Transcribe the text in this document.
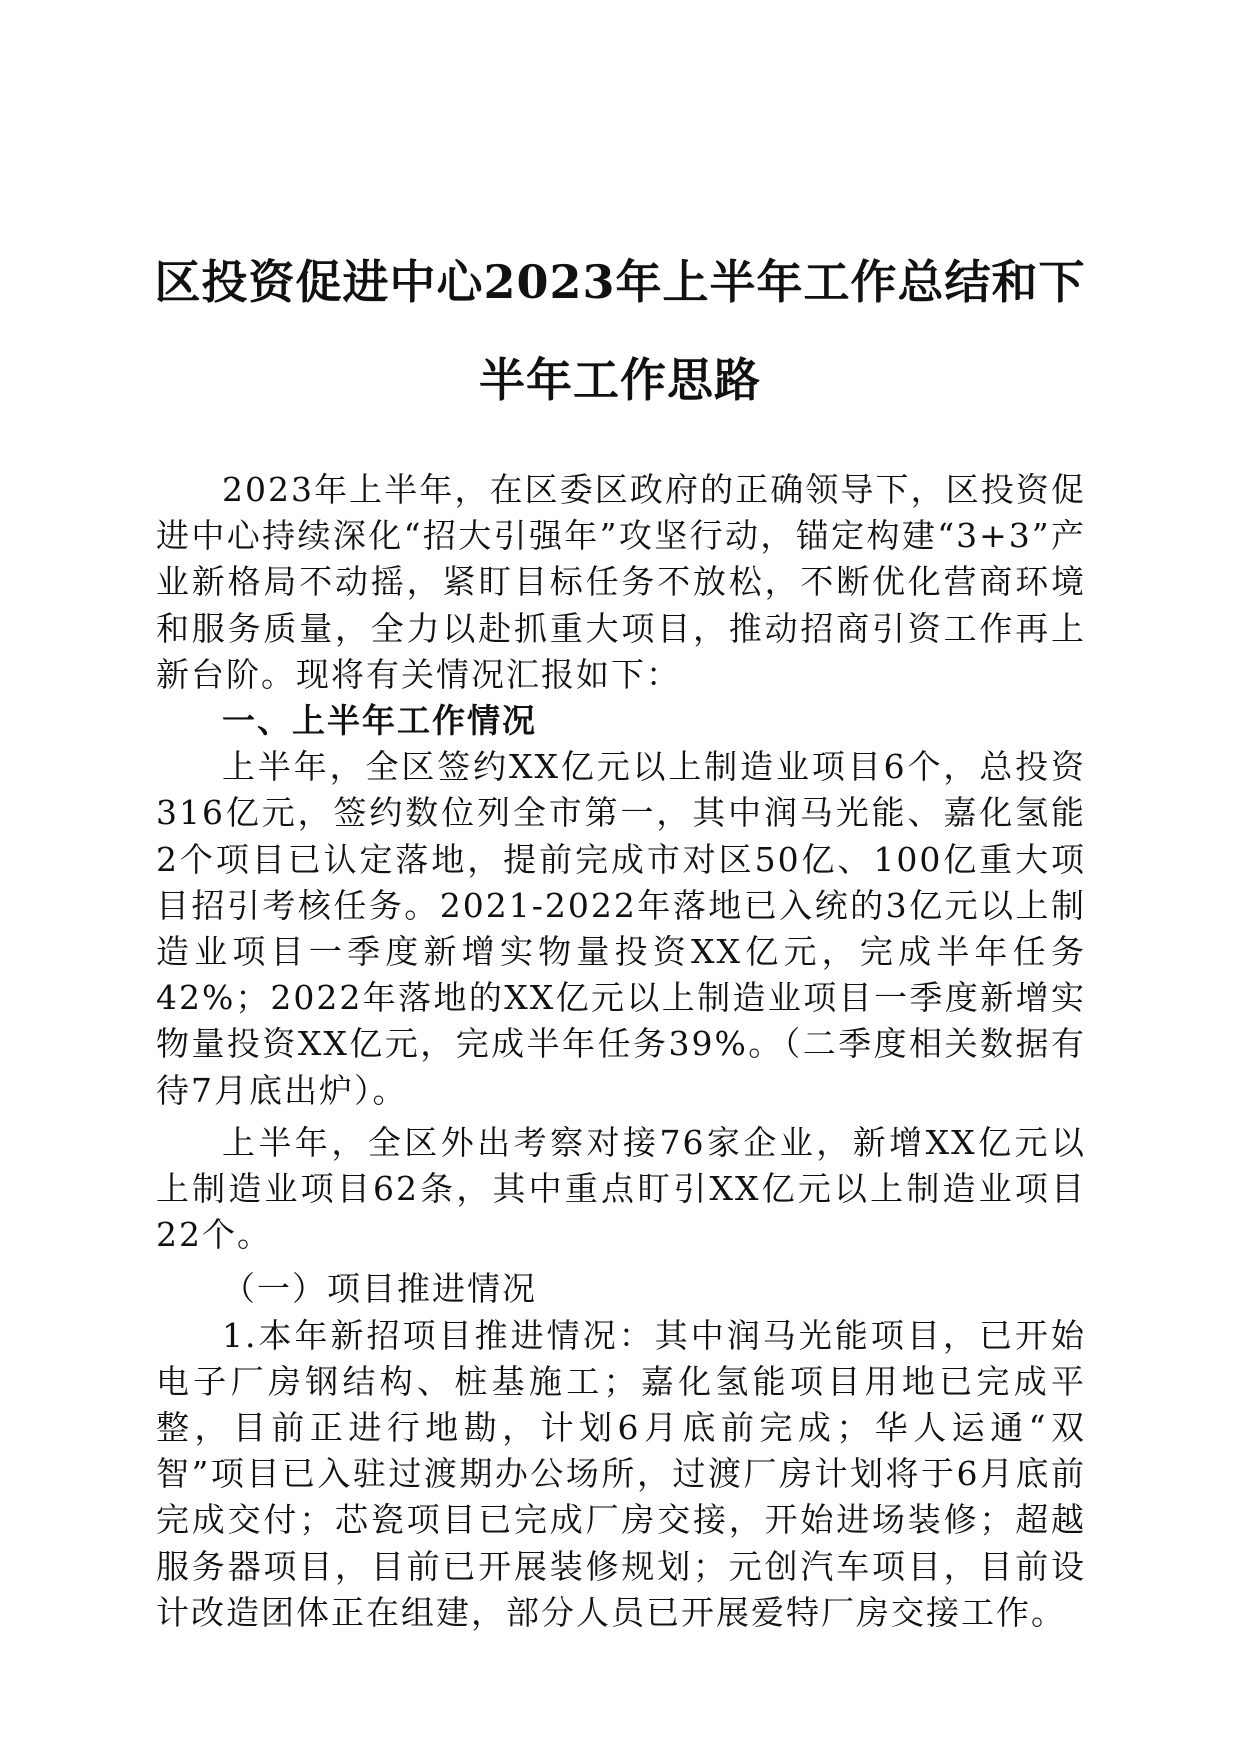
区投资促进中心2023年上半年工作总结和下
半年工作思路

2023年上半年，在区委区政府的正确领导下，区投资促进中心持续深化“招大引强年”攻坚行动，锚定构建“3+3”产业新格局不动摇，紧盯目标任务不放松，不断优化营商环境和服务质量，全力以赴抓重大项目，推动招商引资工作再上新台阶。现将有关情况汇报如下：

一、上半年工作情况

上半年，全区签约XX亿元以上制造业项目6个，总投资316亿元，签约数位列全市第一，其中润马光能、嘉化氢能2个项目已认定落地，提前完成市对区50亿、100亿重大项目招引考核任务。2021-2022年落地已入统的3亿元以上制造业项目一季度新增实物量投资XX亿元，完成半年任务42%；2022年落地的XX亿元以上制造业项目一季度新增实物量投资XX亿元，完成半年任务39%。（二季度相关数据有待7月底出炉）。

上半年，全区外出考察对接76家企业，新增XX亿元以上制造业项目62条，其中重点盯引XX亿元以上制造业项目22个。

（一）项目推进情况

1.本年新招项目推进情况：其中润马光能项目，已开始电子厂房钢结构、桩基施工；嘉化氢能项目用地已完成平整，目前正进行地勘，计划6月底前完成；华人运通“双智”项目已入驻过渡期办公场所，过渡厂房计划将于6月底前完成交付；芯瓷项目已完成厂房交接，开始进场装修；超越服务器项目，目前已开展装修规划；元创汽车项目，目前设计改造团体正在组建，部分人员已开展爱特厂房交接工作。
